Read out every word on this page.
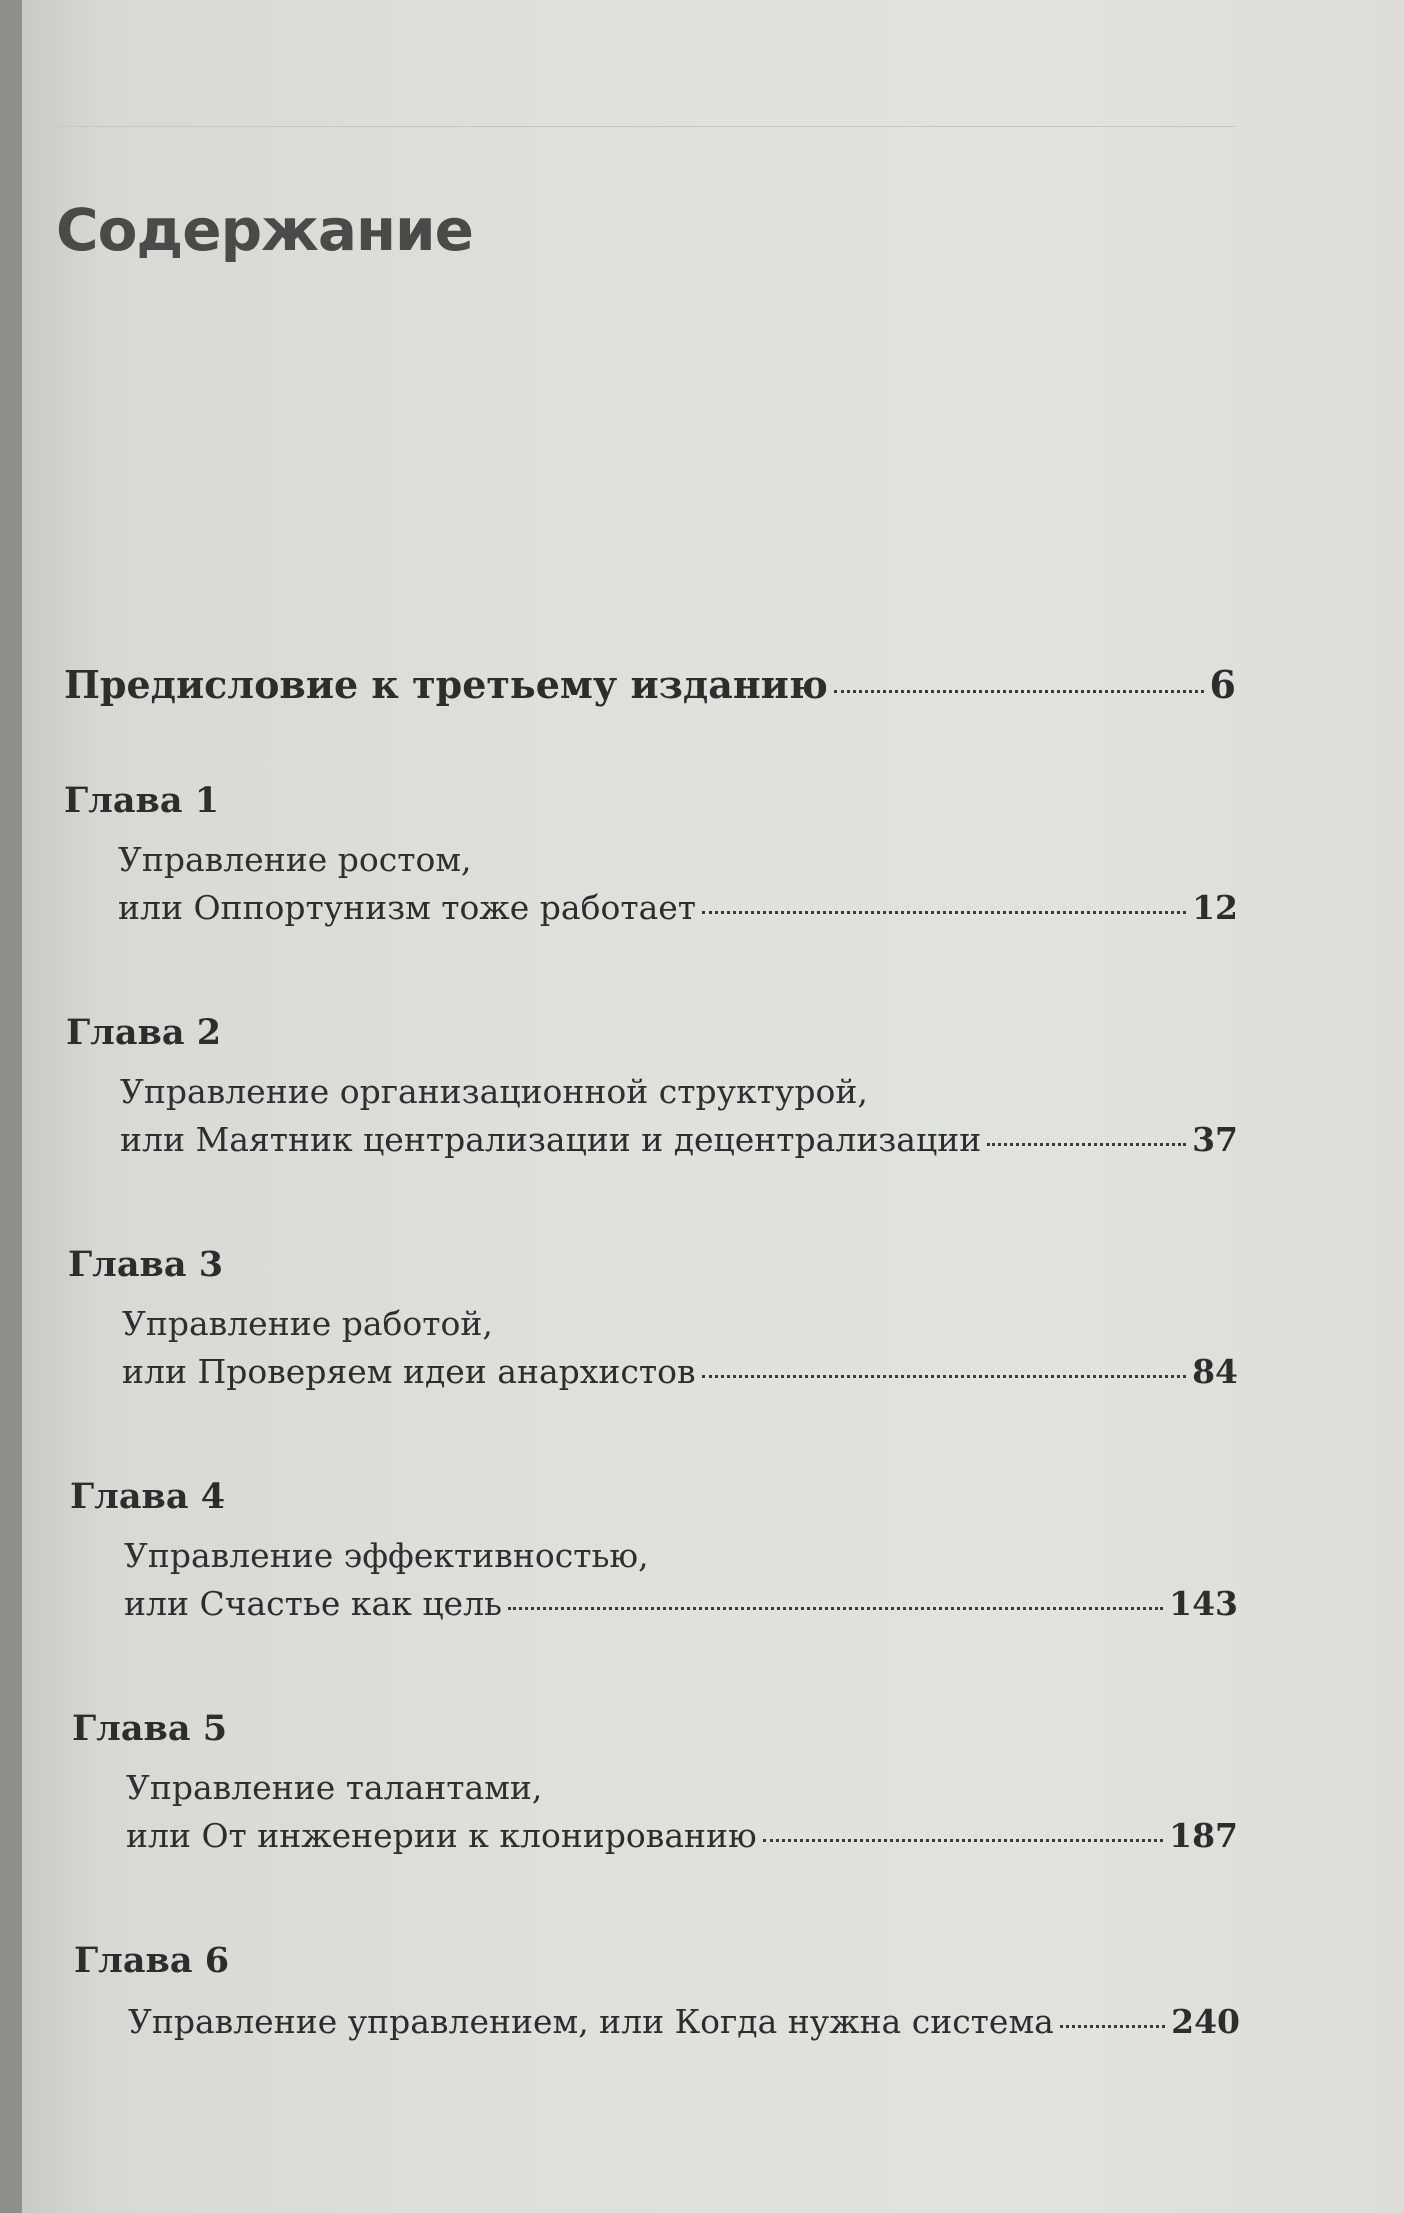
Содержание
Предисловие к третьему изданию	6
Глава 1
Управление ростом,
или Оппортунизм тоже работает	12
Глава 2
Управление организационной структурой,
или Маятник централизации и децентрализации	37
Глава 3
Управление работой,
или Проверяем идеи анархистов	84
Глава 4
Управление эффективностью,
или Счастье как цель	143
Глава 5
Управление талантами,
или От инженерии к клонированию	187
Глава 6
Управление управлением, или Когда нужна система	240
